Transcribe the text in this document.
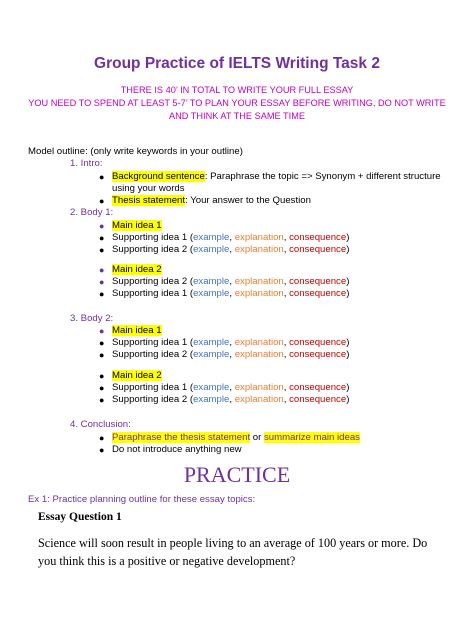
Group Practice of IELTS Writing Task 2
THERE IS 40’ IN TOTAL TO WRITE YOUR FULL ESSAY
YOU NEED TO SPEND AT LEAST 5-7’ TO PLAN YOUR ESSAY BEFORE WRITING, DO NOT WRITE
AND THINK AT THE SAME TIME
Model outline: (only write keywords in your outline)
1. Intro:
● Background sentence: Paraphrase the topic => Synonym + different structure
using your words
● Thesis statement: Your answer to the Question
2. Body 1:
● Main idea 1
● Supporting idea 1 (example, explanation, consequence)
● Supporting idea 2 (example, explanation, consequence)
● Main idea 2
● Supporting idea 2 (example, explanation, consequence)
● Supporting idea 1 (example, explanation, consequence)
3. Body 2:
● Main idea 1
● Supporting idea 1 (example, explanation, consequence)
● Supporting idea 2 (example, explanation, consequence)
● Main idea 2
● Supporting idea 1 (example, explanation, consequence)
● Supporting idea 2 (example, explanation, consequence)
4. Conclusion:
● Paraphrase the thesis statement or summarize main ideas
● Do not introduce anything new
PRACTICE
Ex 1: Practice planning outline for these essay topics:
Essay Question 1
Science will soon result in people living to an average of 100 years or more. Do you think this is a positive or negative development?
